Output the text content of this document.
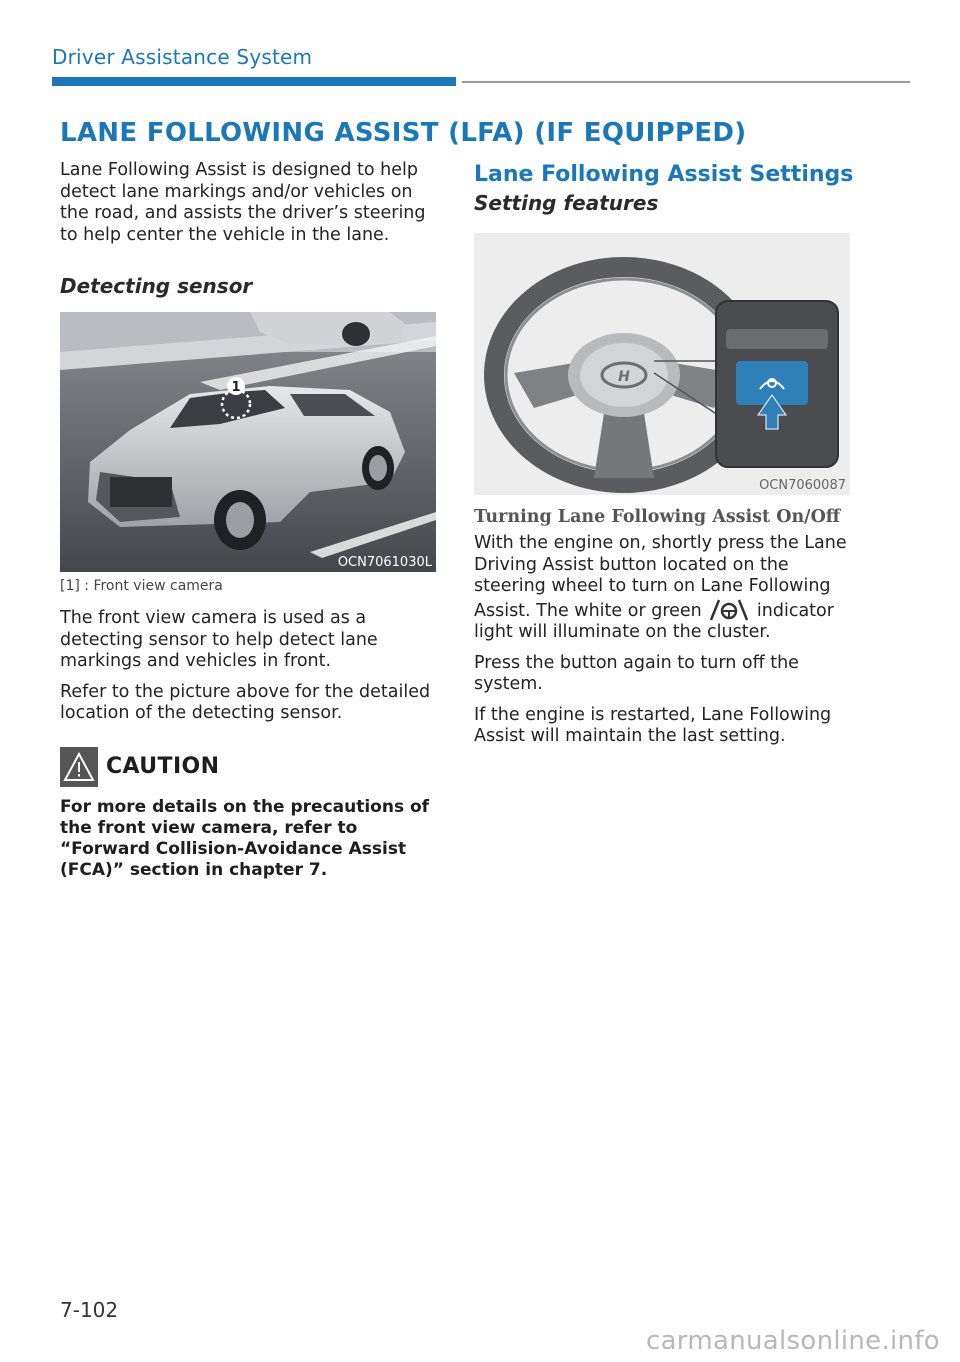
Driver Assistance System
LANE FOLLOWING ASSIST (LFA) (IF EQUIPPED)

Lane Following Assist is designed to help detect lane markings and/or vehicles on the road, and assists the driver’s steering to help center the vehicle in the lane.

Detecting sensor
1
OCN7061030L
[1] : Front view camera

The front view camera is used as a detecting sensor to help detect lane markings and vehicles in front.

Refer to the picture above for the detailed location of the detecting sensor.

CAUTION
For more details on the precautions of the front view camera, refer to “Forward Collision-Avoidance Assist (FCA)” section in chapter 7.
Lane Following Assist Settings
Setting features
H
OCN7060087
Turning Lane Following Assist On/Off

With the engine on, shortly press the Lane Driving Assist button located on the steering wheel to turn on Lane Following Assist. The white or green	indicator light will illuminate on the cluster.

Press the button again to turn off the system.

If the engine is restarted, Lane Following Assist will maintain the last setting.

7-102
carmanualsonline.info
